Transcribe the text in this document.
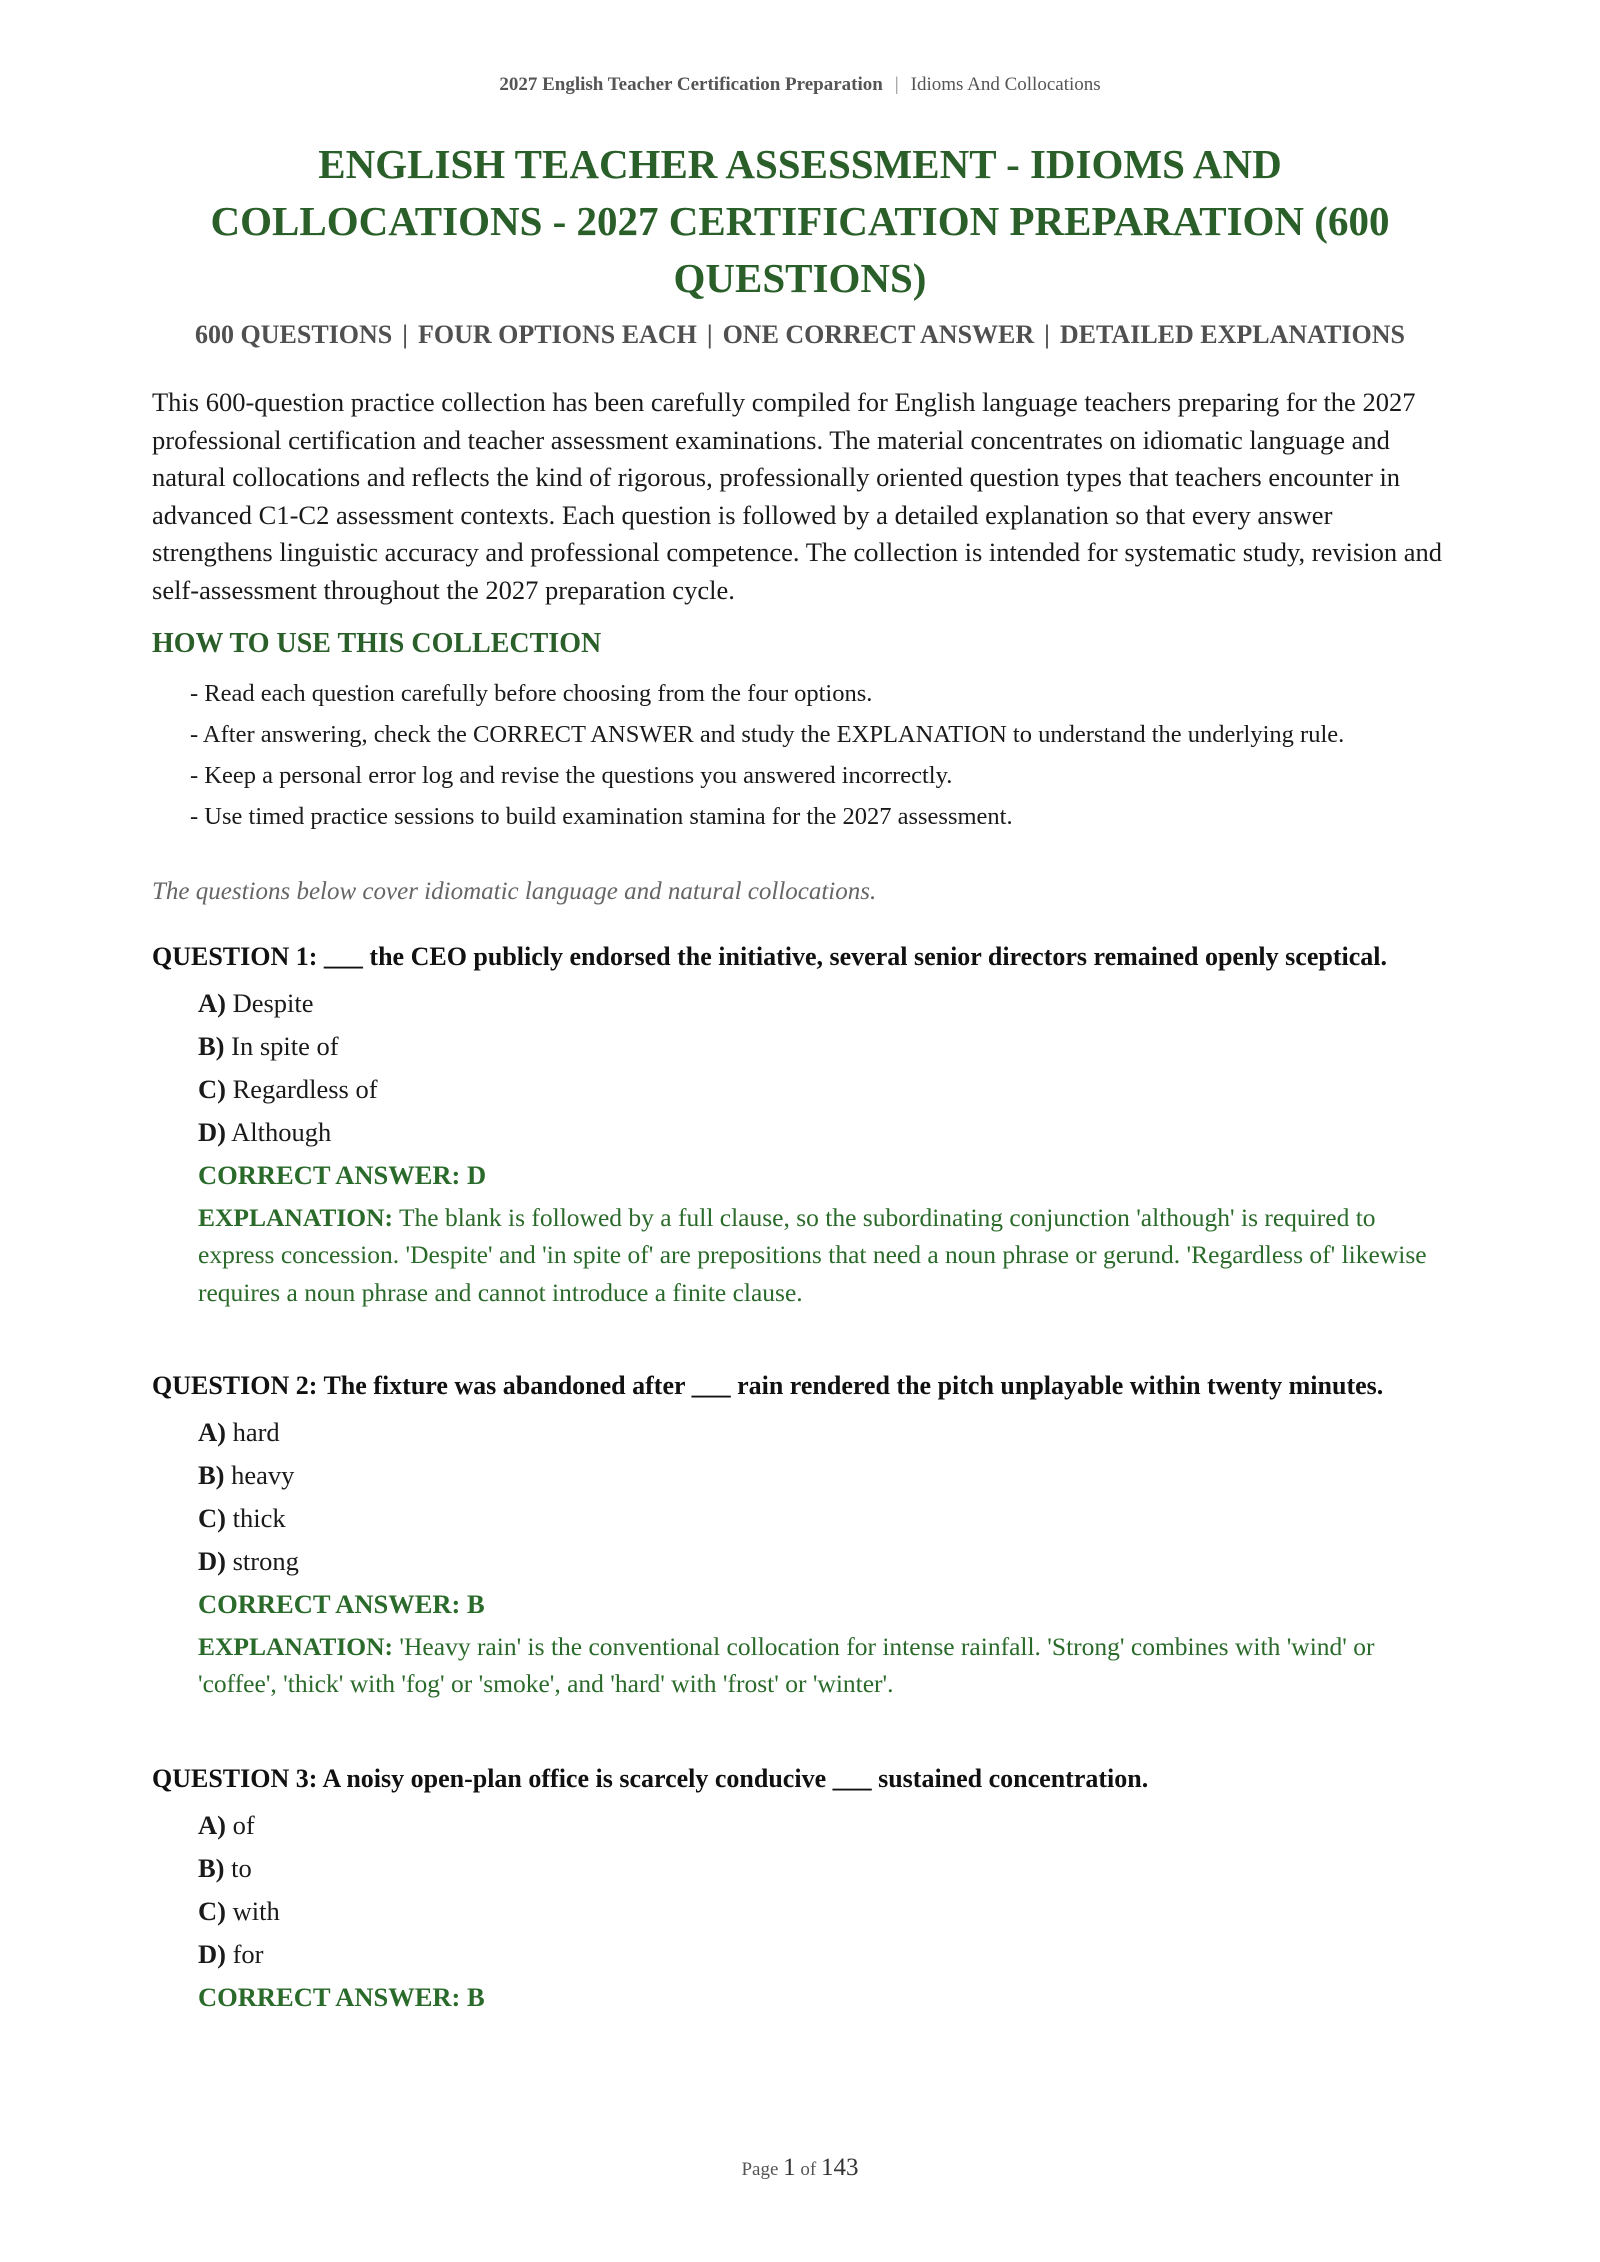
2027 English Teacher Certification Preparation | Idioms And Collocations
ENGLISH TEACHER ASSESSMENT - IDIOMS AND COLLOCATIONS - 2027 CERTIFICATION PREPARATION (600 QUESTIONS)
600 QUESTIONS | FOUR OPTIONS EACH | ONE CORRECT ANSWER | DETAILED EXPLANATIONS

This 600-question practice collection has been carefully compiled for English language teachers preparing for the 2027 professional certification and teacher assessment examinations. The material concentrates on idiomatic language and natural collocations and reflects the kind of rigorous, professionally oriented question types that teachers encounter in advanced C1-C2 assessment contexts. Each question is followed by a detailed explanation so that every answer strengthens linguistic accuracy and professional competence. The collection is intended for systematic study, revision and self-assessment throughout the 2027 preparation cycle.

HOW TO USE THIS COLLECTION
- Read each question carefully before choosing from the four options.
- After answering, check the CORRECT ANSWER and study the EXPLANATION to understand the underlying rule.
- Keep a personal error log and revise the questions you answered incorrectly.
- Use timed practice sessions to build examination stamina for the 2027 assessment.
The questions below cover idiomatic language and natural collocations.

QUESTION 1: ___ the CEO publicly endorsed the initiative, several senior directors remained openly sceptical.

A) Despite
B) In spite of
C) Regardless of
D) Although
CORRECT ANSWER: D
EXPLANATION: The blank is followed by a full clause, so the subordinating conjunction 'although' is required to express concession. 'Despite' and 'in spite of' are prepositions that need a noun phrase or gerund. 'Regardless of' likewise requires a noun phrase and cannot introduce a finite clause.

QUESTION 2: The fixture was abandoned after ___ rain rendered the pitch unplayable within twenty minutes.

A) hard
B) heavy
C) thick
D) strong
CORRECT ANSWER: B
EXPLANATION: 'Heavy rain' is the conventional collocation for intense rainfall. 'Strong' combines with 'wind' or 'coffee', 'thick' with 'fog' or 'smoke', and 'hard' with 'frost' or 'winter'.

QUESTION 3: A noisy open-plan office is scarcely conducive ___ sustained concentration.

A) of
B) to
C) with
D) for
CORRECT ANSWER: B
Page 1 of 143
